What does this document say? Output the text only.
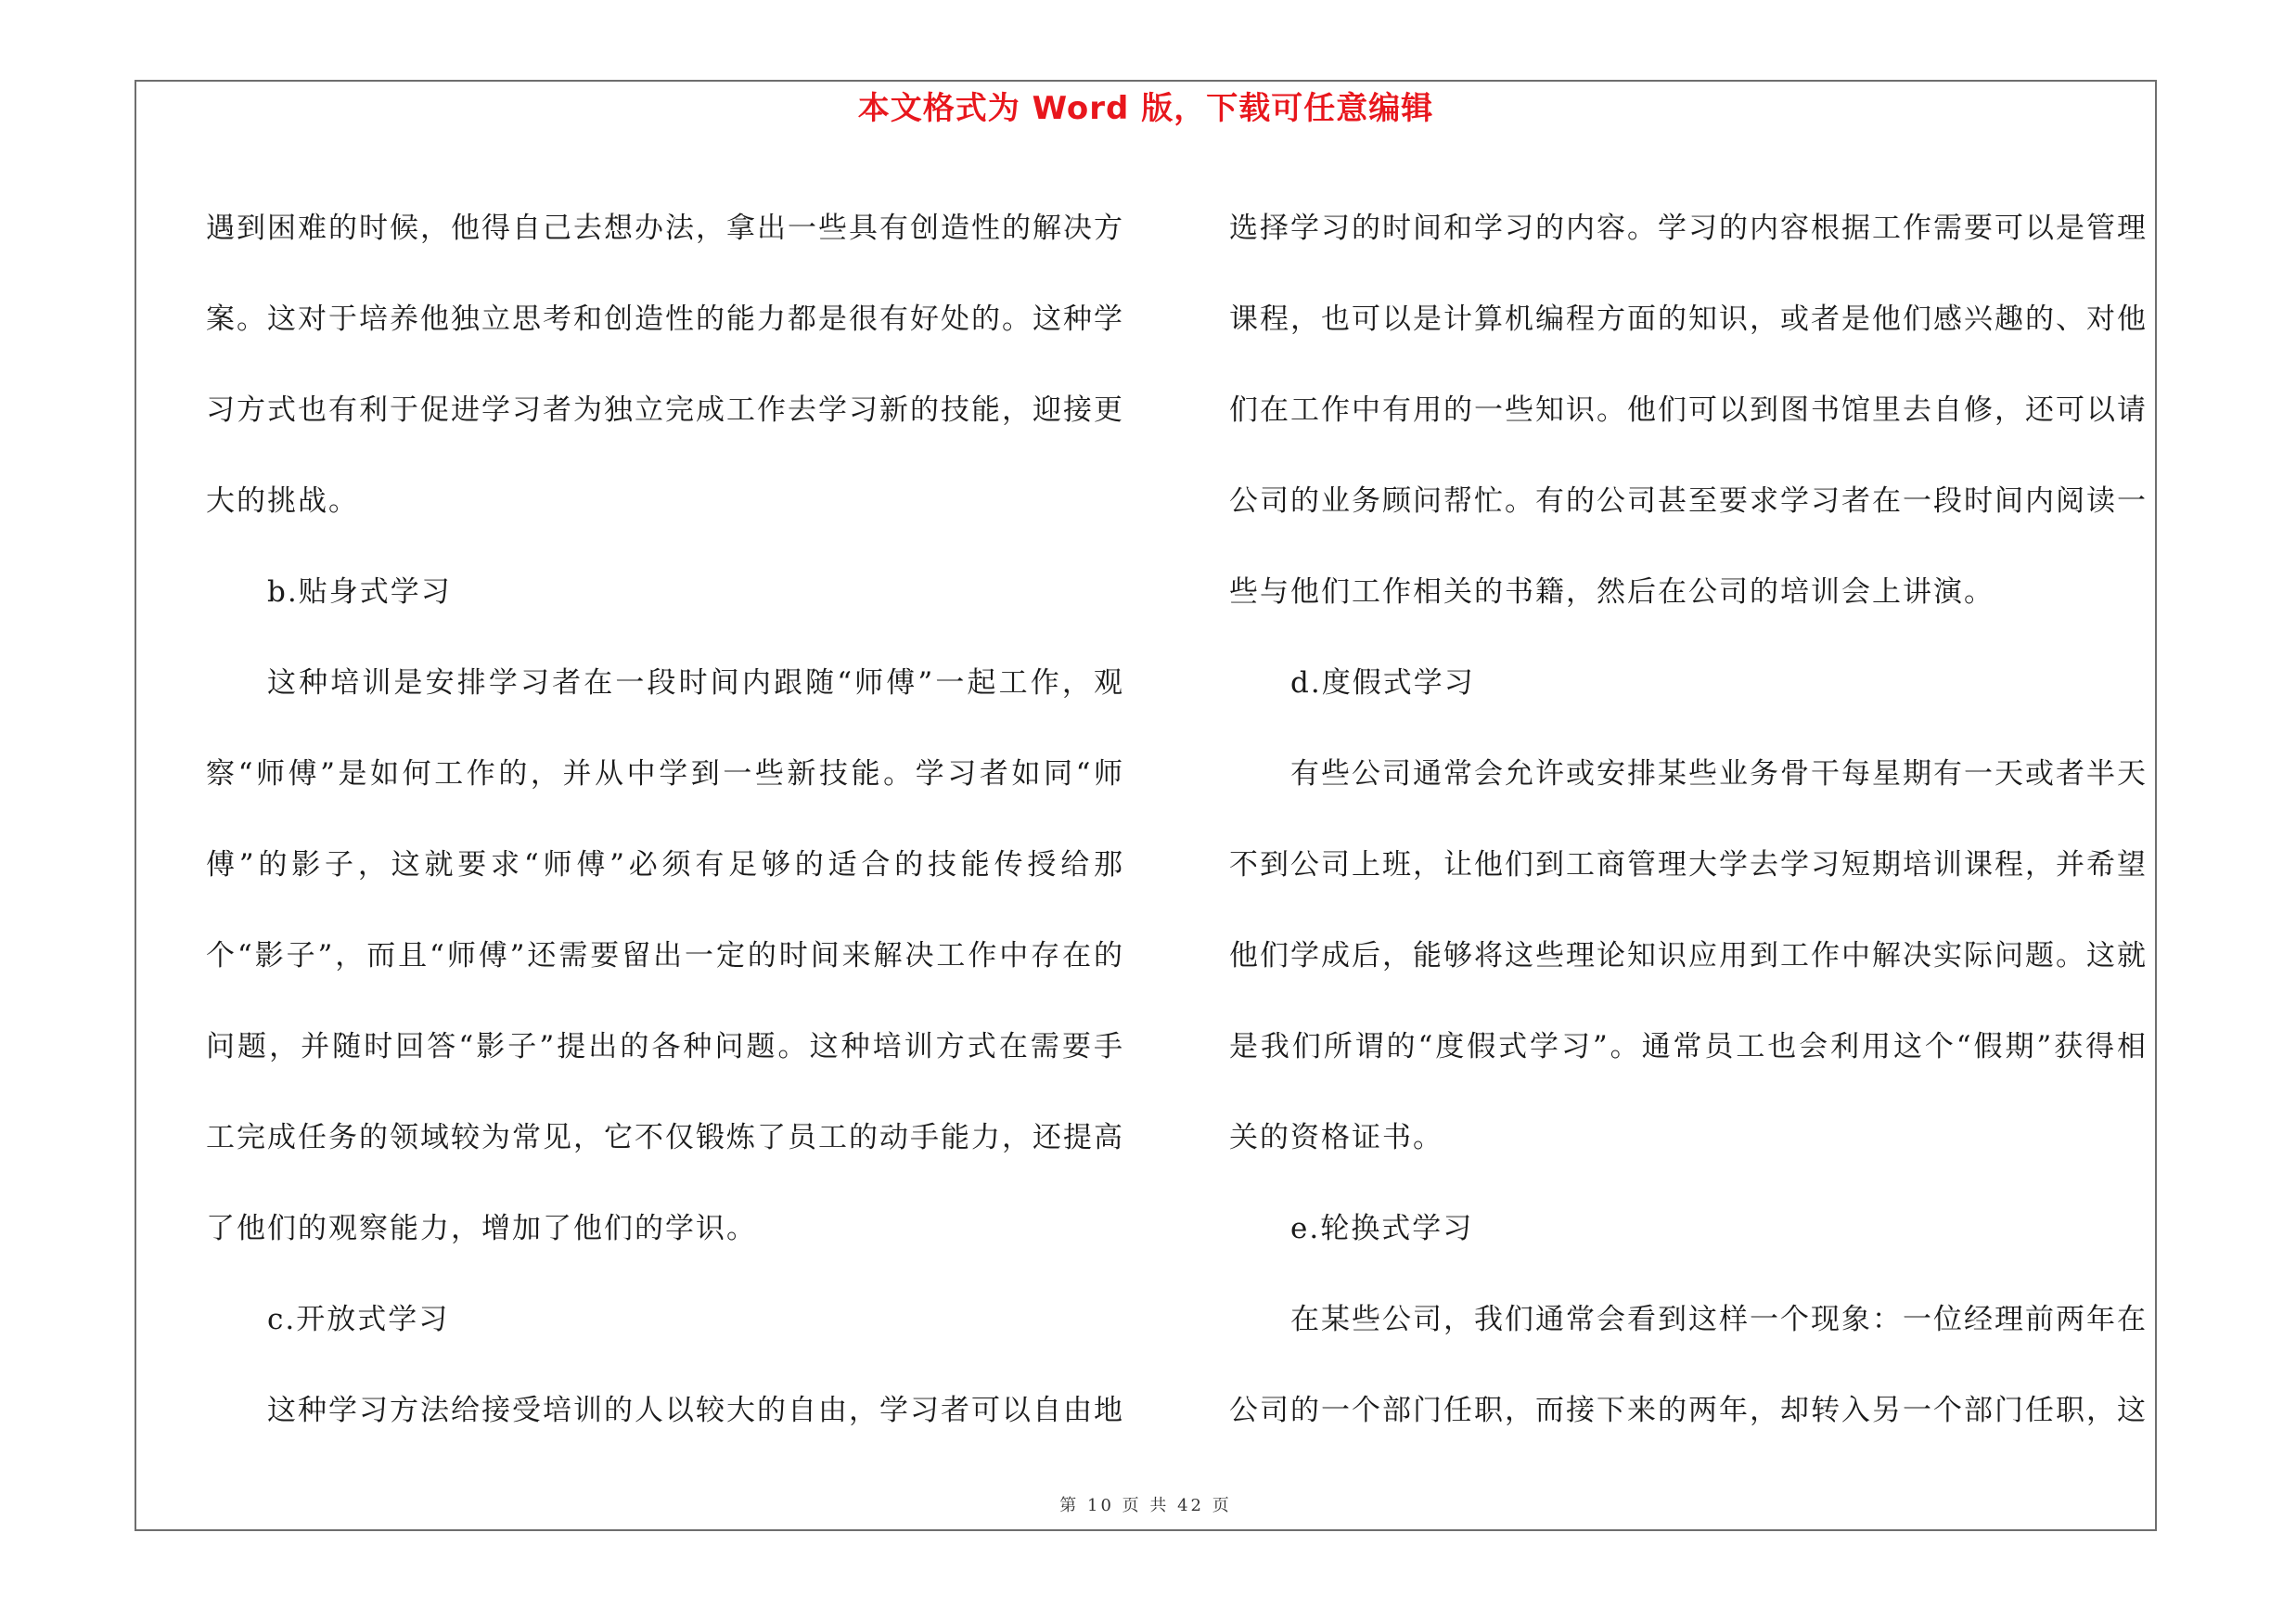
本文格式为 Word 版，下载可任意编辑

遇到困难的时候，他得自己去想办法，拿出一些具有创造性的解决方案。这对于培养他独立思考和创造性的能力都是很有好处的。这种学习方式也有利于促进学习者为独立完成工作去学习新的技能，迎接更大的挑战。

b.贴身式学习

这种培训是安排学习者在一段时间内跟随“师傅”一起工作，观察“师傅”是如何工作的，并从中学到一些新技能。学习者如同“师傅”的影子，这就要求“师傅”必须有足够的适合的技能传授给那个“影子”，而且“师傅”还需要留出一定的时间来解决工作中存在的问题，并随时回答“影子”提出的各种问题。这种培训方式在需要手工完成任务的领域较为常见，它不仅锻炼了员工的动手能力，还提高了他们的观察能力，增加了他们的学识。

c.开放式学习

这种学习方法给接受培训的人以较大的自由，学习者可以自由地

选择学习的时间和学习的内容。学习的内容根据工作需要可以是管理课程，也可以是计算机编程方面的知识，或者是他们感兴趣的、对他们在工作中有用的一些知识。他们可以到图书馆里去自修，还可以请公司的业务顾问帮忙。有的公司甚至要求学习者在一段时间内阅读一些与他们工作相关的书籍，然后在公司的培训会上讲演。

d.度假式学习

有些公司通常会允许或安排某些业务骨干每星期有一天或者半天不到公司上班，让他们到工商管理大学去学习短期培训课程，并希望他们学成后，能够将这些理论知识应用到工作中解决实际问题。这就是我们所谓的“度假式学习”。通常员工也会利用这个“假期”获得相关的资格证书。

e.轮换式学习

在某些公司，我们通常会看到这样一个现象：一位经理前两年在公司的一个部门任职，而接下来的两年，却转入另一个部门任职，这

第 10 页 共 42 页
